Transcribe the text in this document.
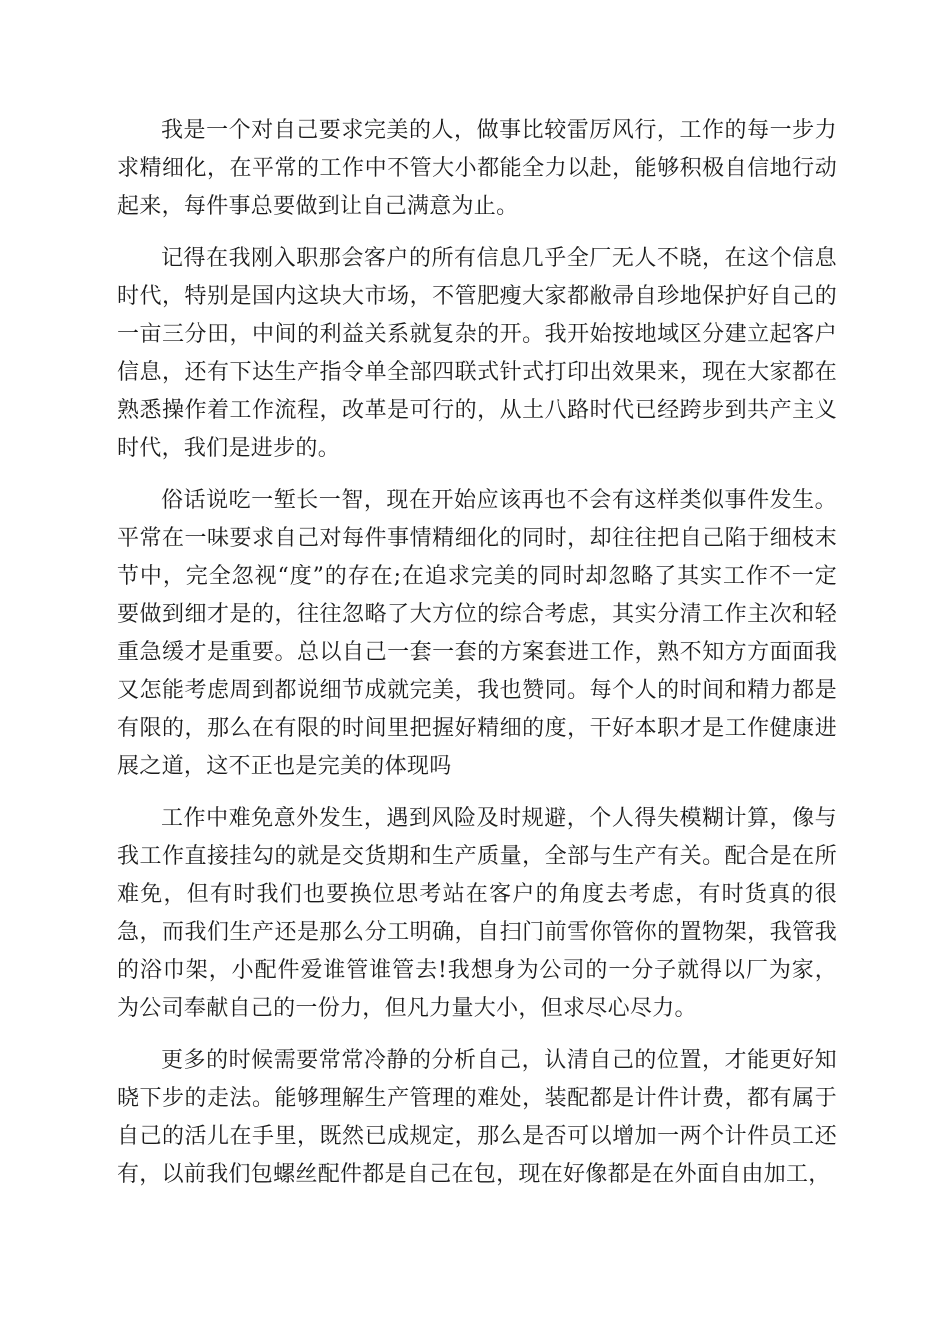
我是一个对自己要求完美的人，做事比较雷厉风行，工作的每一步力求精细化，在平常的工作中不管大小都能全力以赴，能够积极自信地行动起来，每件事总要做到让自己满意为止。

记得在我刚入职那会客户的所有信息几乎全厂无人不晓，在这个信息时代，特别是国内这块大市场，不管肥瘦大家都敝帚自珍地保护好自己的一亩三分田，中间的利益关系就复杂的开。我开始按地域区分建立起客户信息，还有下达生产指令单全部四联式针式打印出效果来，现在大家都在熟悉操作着工作流程，改革是可行的，从土八路时代已经跨步到共产主义时代，我们是进步的。

俗话说吃一堑长一智，现在开始应该再也不会有这样类似事件发生。平常在一味要求自己对每件事情精细化的同时，却往往把自己陷于细枝末节中，完全忽视“度”的存在;在追求完美的同时却忽略了其实工作不一定要做到细才是的，往往忽略了大方位的综合考虑，其实分清工作主次和轻重急缓才是重要。总以自己一套一套的方案套进工作，熟不知方方面面我又怎能考虑周到都说细节成就完美，我也赞同。每个人的时间和精力都是有限的，那么在有限的时间里把握好精细的度，干好本职才是工作健康进展之道，这不正也是完美的体现吗

工作中难免意外发生，遇到风险及时规避，个人得失模糊计算，像与我工作直接挂勾的就是交货期和生产质量，全部与生产有关。配合是在所难免，但有时我们也要换位思考站在客户的角度去考虑，有时货真的很急，而我们生产还是那么分工明确，自扫门前雪你管你的置物架，我管我的浴巾架，小配件爱谁管谁管去!我想身为公司的一分子就得以厂为家，为公司奉献自己的一份力，但凡力量大小，但求尽心尽力。

更多的时候需要常常冷静的分析自己，认清自己的位置，才能更好知晓下步的走法。能够理解生产管理的难处，装配都是计件计费，都有属于自己的活儿在手里，既然已成规定，那么是否可以增加一两个计件员工还有，以前我们包螺丝配件都是自己在包，现在好像都是在外面自由加工，
